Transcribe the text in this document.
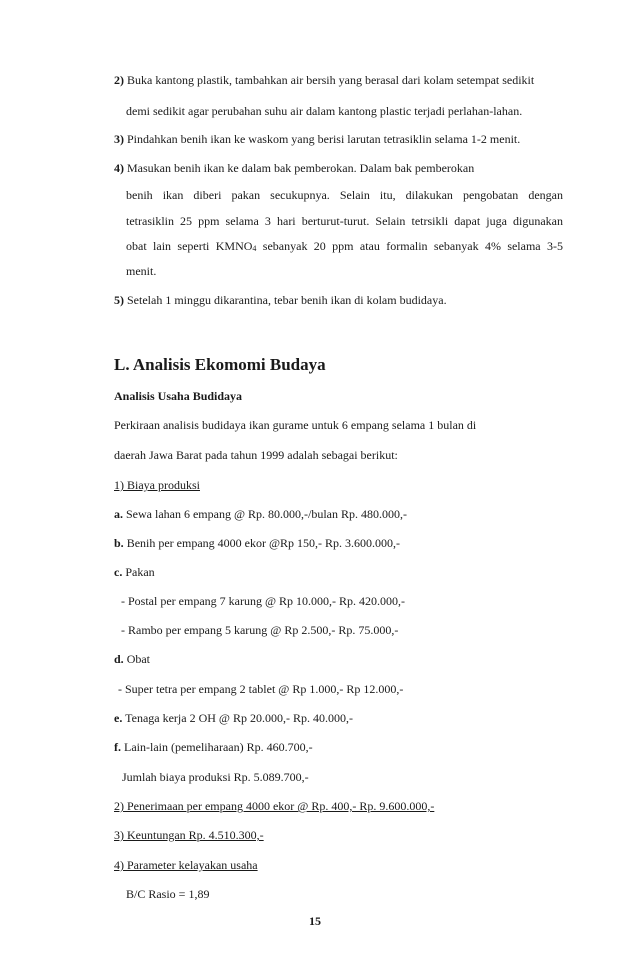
2) Buka kantong plastik, tambahkan air bersih yang berasal dari kolam setempat sedikit
demi sedikit agar perubahan suhu air dalam kantong plastic terjadi perlahan-lahan.
3) Pindahkan benih ikan ke waskom yang berisi larutan tetrasiklin selama 1-2 menit.
4) Masukan benih ikan ke dalam bak pemberokan. Dalam bak pemberokan
benih ikan diberi pakan secukupnya. Selain itu, dilakukan pengobatan dengan
tetrasiklin 25 ppm selama 3 hari berturut-turut. Selain tetrsikli dapat juga digunakan
obat lain seperti $KMNO_4$ sebanyak 20 ppm atau formalin sebanyak 4% selama 3-5
menit.
5) Setelah 1 minggu dikarantina, tebar benih ikan di kolam budidaya.
L. Analisis Ekomomi Budaya
Analisis Usaha Budidaya
Perkiraan analisis budidaya ikan gurame untuk 6 empang selama 1 bulan di
daerah Jawa Barat pada tahun 1999 adalah sebagai berikut:
1) Biaya produksi
a. Sewa lahan 6 empang @ Rp. 80.000,-/bulan Rp. 480.000,-
b. Benih per empang 4000 ekor @Rp 150,- Rp. 3.600.000,-
c. Pakan
- Postal per empang 7 karung @ Rp 10.000,- Rp. 420.000,-
- Rambo per empang 5 karung @ Rp 2.500,- Rp. 75.000,-
d. Obat
- Super tetra per empang 2 tablet @ Rp 1.000,- Rp 12.000,-
e. Tenaga kerja 2 OH @ Rp 20.000,- Rp. 40.000,-
f. Lain-lain (pemeliharaan) Rp. 460.700,-
Jumlah biaya produksi Rp. 5.089.700,-
2) Penerimaan per empang 4000 ekor @ Rp. 400,- Rp. 9.600.000,-
3) Keuntungan Rp. 4.510.300,-
4) Parameter kelayakan usaha
B/C Rasio = 1,89
15
